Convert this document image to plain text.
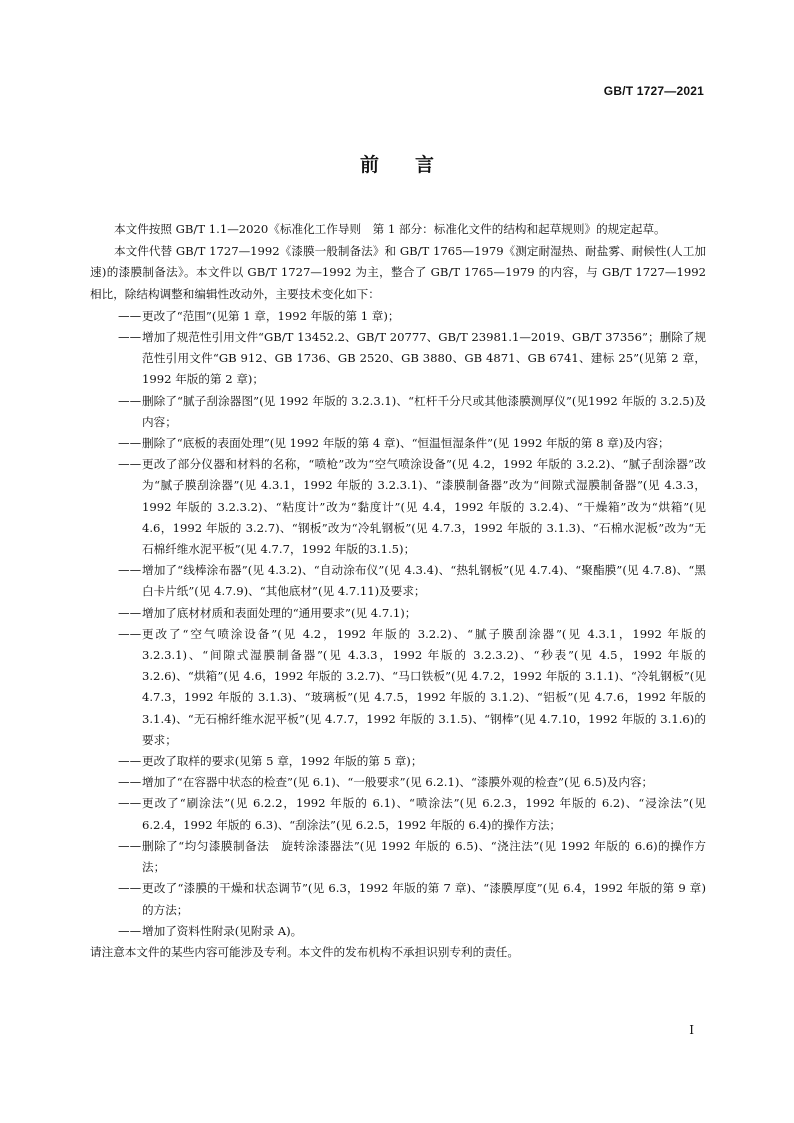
GB/T 1727—2021
前言

本文件按照 GB/T 1.1—2020《标准化工作导则　第 1 部分：标准化文件的结构和起草规则》的规定起草。

本文件代替 GB/T 1727—1992《漆膜一般制备法》和 GB/T 1765—1979《测定耐湿热、耐盐雾、耐候性(人工加速)的漆膜制备法》。本文件以 GB/T 1727—1992 为主，整合了 GB/T 1765—1979 的内容，与 GB/T 1727—1992 相比，除结构调整和编辑性改动外，主要技术变化如下：

—— 更改了“范围”(见第 1 章，1992 年版的第 1 章)；

—— 增加了规范性引用文件“GB/T 13452.2、GB/T 20777、GB/T 23981.1—2019、GB/T 37356”；删除了规范性引用文件“GB 912、GB 1736、GB 2520、GB 3880、GB 4871、GB 6741、建标 25”(见第 2 章，1992 年版的第 2 章)；

—— 删除了“腻子刮涂器图”(见 1992 年版的 3.2.3.1)、“杠杆千分尺或其他漆膜测厚仪”(见1992 年版的 3.2.5)及内容；

—— 删除了“底板的表面处理”(见 1992 年版的第 4 章)、“恒温恒湿条件”(见 1992 年版的第 8 章)及内容；

—— 更改了部分仪器和材料的名称，“喷枪”改为“空气喷涂设备”(见 4.2，1992 年版的 3.2.2)、“腻子刮涂器”改为“腻子膜刮涂器”(见 4.3.1，1992 年版的 3.2.3.1)、“漆膜制备器”改为“间隙式湿膜制备器”(见 4.3.3，1992 年版的 3.2.3.2)、“粘度计”改为“黏度计”(见 4.4，1992 年版的 3.2.4)、“干燥箱”改为“烘箱”(见 4.6，1992 年版的 3.2.7)、“钢板”改为“冷轧钢板”(见 4.7.3，1992 年版的 3.1.3)、“石棉水泥板”改为“无石棉纤维水泥平板”(见 4.7.7，1992 年版的3.1.5)；

—— 增加了“线棒涂布器”(见 4.3.2)、“自动涂布仪”(见 4.3.4)、“热轧钢板”(见 4.7.4)、“聚酯膜”(见 4.7.8)、“黑白卡片纸”(见 4.7.9)、“其他底材”(见 4.7.11)及要求；

—— 增加了底材材质和表面处理的“通用要求”(见 4.7.1)；

—— 更改了“空气喷涂设备”(见 4.2，1992 年版的 3.2.2)、“腻子膜刮涂器”(见 4.3.1，1992 年版的 3.2.3.1)、“间隙式湿膜制备器”(见 4.3.3，1992 年版的 3.2.3.2)、“秒表”(见 4.5，1992 年版的 3.2.6)、“烘箱”(见 4.6，1992 年版的 3.2.7)、“马口铁板”(见 4.7.2，1992 年版的 3.1.1)、“冷轧钢板”(见 4.7.3，1992 年版的 3.1.3)、“玻璃板”(见 4.7.5，1992 年版的 3.1.2)、“铝板”(见 4.7.6，1992 年版的 3.1.4)、“无石棉纤维水泥平板”(见 4.7.7，1992 年版的 3.1.5)、“钢棒”(见 4.7.10，1992 年版的 3.1.6)的要求；

—— 更改了取样的要求(见第 5 章，1992 年版的第 5 章)；

—— 增加了“在容器中状态的检查”(见 6.1)、“一般要求”(见 6.2.1)、“漆膜外观的检查”(见 6.5)及内容；

—— 更改了“刷涂法”(见 6.2.2，1992 年版的 6.1)、“喷涂法”(见 6.2.3，1992 年版的 6.2)、“浸涂法”(见 6.2.4，1992 年版的 6.3)、“刮涂法”(见 6.2.5，1992 年版的 6.4)的操作方法；

—— 删除了“均匀漆膜制备法　旋转涂漆器法”(见 1992 年版的 6.5)、“浇注法”(见 1992 年版的 6.6)的操作方法；

—— 更改了“漆膜的干燥和状态调节”(见 6.3，1992 年版的第 7 章)、“漆膜厚度”(见 6.4，1992 年版的第 9 章)的方法；

—— 增加了资料性附录(见附录 A)。

请注意本文件的某些内容可能涉及专利。本文件的发布机构不承担识别专利的责任。

I
